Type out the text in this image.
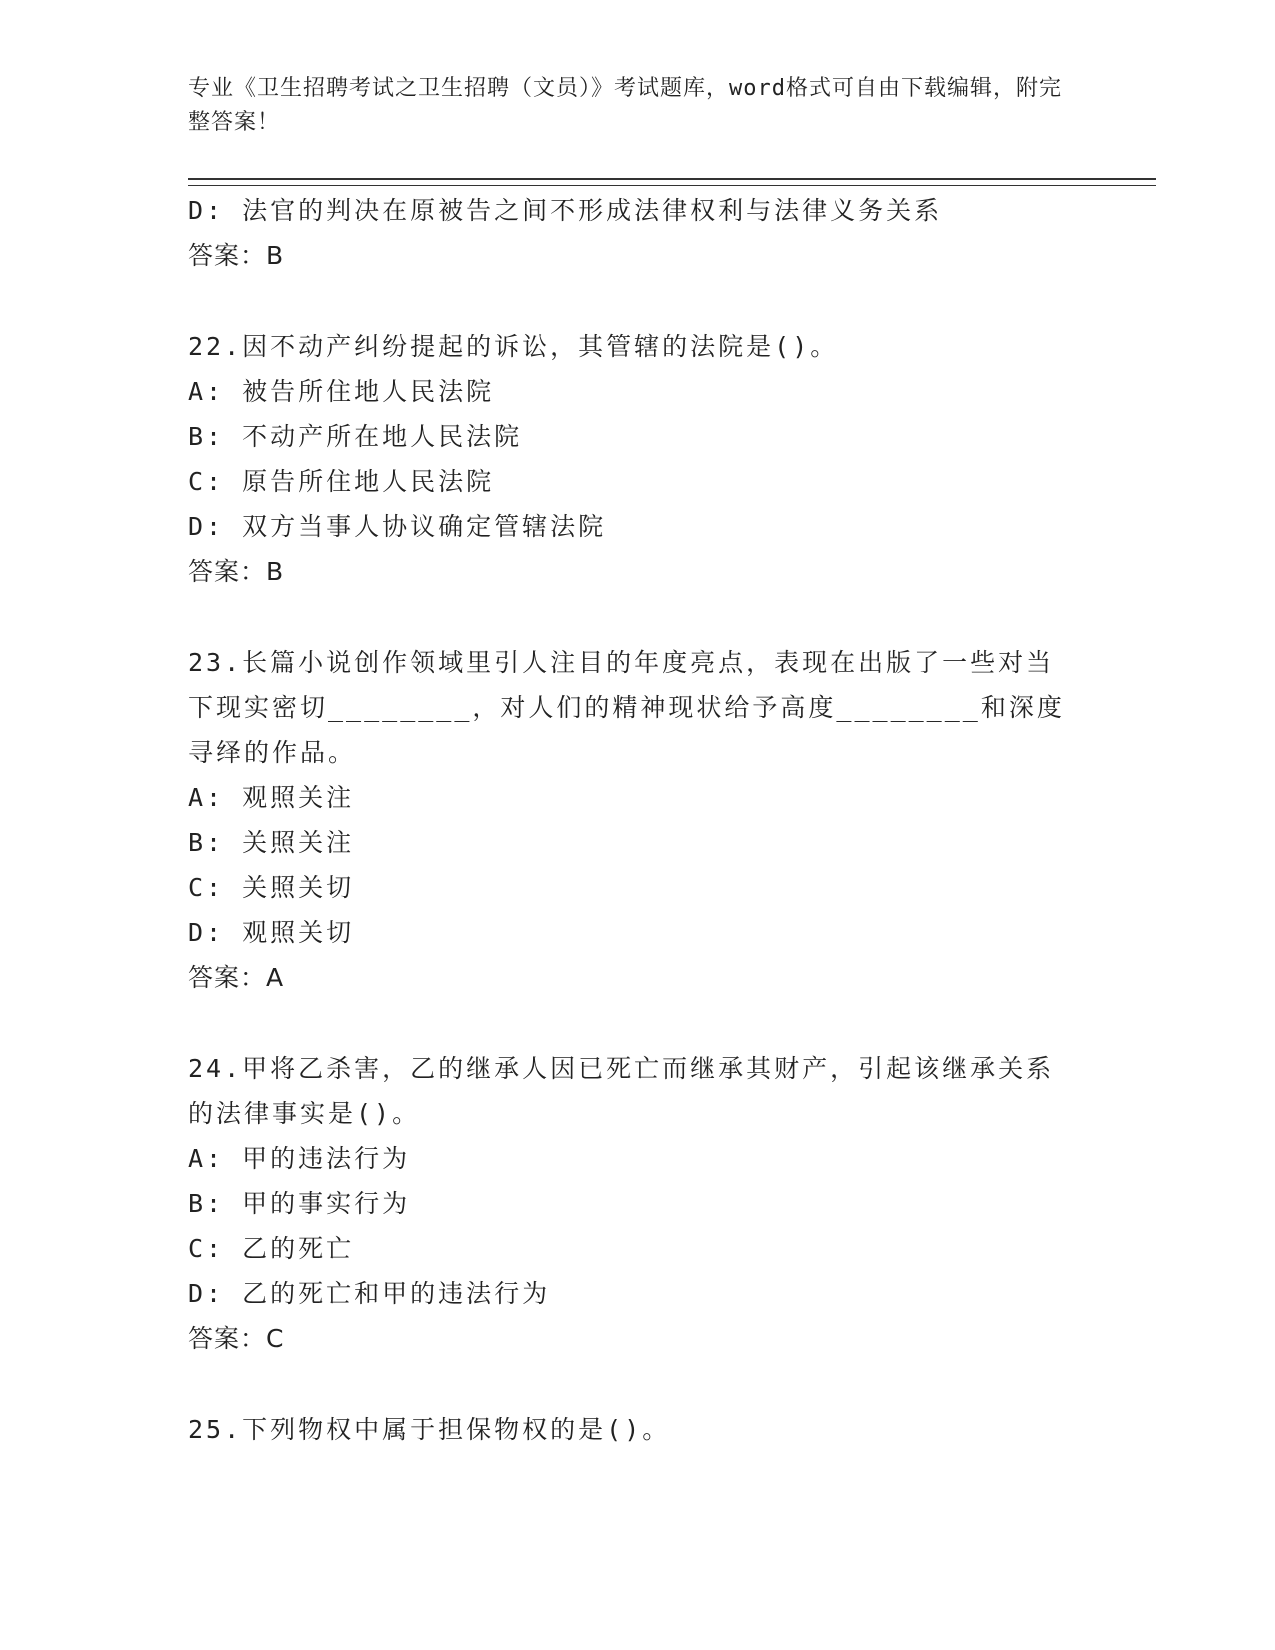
专业《卫生招聘考试之卫生招聘（文员）》考试题库，word格式可自由下载编辑，附完整答案！

D: 法官的判决在原被告之间不形成法律权利与法律义务关系

答案：B

22.因不动产纠纷提起的诉讼，其管辖的法院是()。

A: 被告所住地人民法院

B: 不动产所在地人民法院

C: 原告所住地人民法院

D: 双方当事人协议确定管辖法院

答案：B

23.长篇小说创作领域里引人注目的年度亮点，表现在出版了一些对当下现实密切________，对人们的精神现状给予高度________和深度寻绎的作品。

A: 观照关注

B: 关照关注

C: 关照关切

D: 观照关切

答案：A

24.甲将乙杀害，乙的继承人因已死亡而继承其财产，引起该继承关系的法律事实是()。

A: 甲的违法行为

B: 甲的事实行为

C: 乙的死亡

D: 乙的死亡和甲的违法行为

答案：C

25.下列物权中属于担保物权的是()。
